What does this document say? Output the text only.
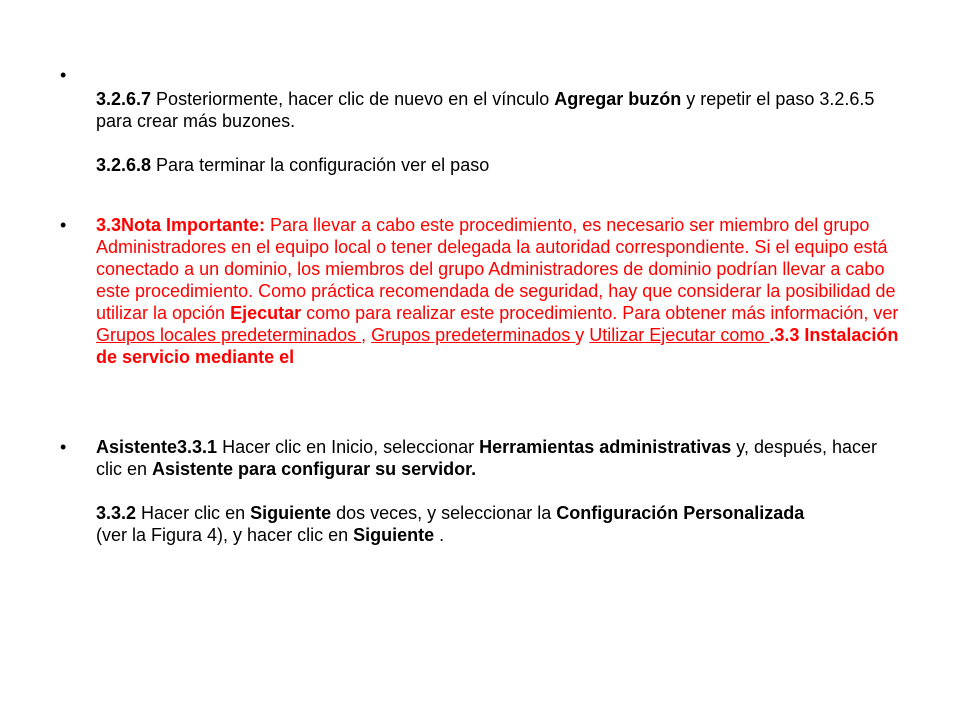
•

3.2.6.7 Posteriormente, hacer clic de nuevo en el vínculo Agregar buzón y repetir el paso 3.2.6.5 para crear más buzones.

3.2.6.8 Para terminar la configuración ver el paso

• 3.3Nota Importante: Para llevar a cabo este procedimiento, es necesario ser miembro del grupo Administradores en el equipo local o tener delegada la autoridad correspondiente. Si el equipo está conectado a un dominio, los miembros del grupo Administradores de dominio podrían llevar a cabo este procedimiento. Como práctica recomendada de seguridad, hay que considerar la posibilidad de utilizar la opción Ejecutar como para realizar este procedimiento. Para obtener más información, ver Grupos locales predeterminados , Grupos predeterminados y Utilizar Ejecutar como .3.3 Instalación de servicio mediante el

• Asistente3.3.1 Hacer clic en Inicio, seleccionar Herramientas administrativas y, después, hacer clic en Asistente para configurar su servidor.

3.3.2 Hacer clic en Siguiente dos veces, y seleccionar la Configuración Personalizada
(ver la Figura 4), y hacer clic en Siguiente .
